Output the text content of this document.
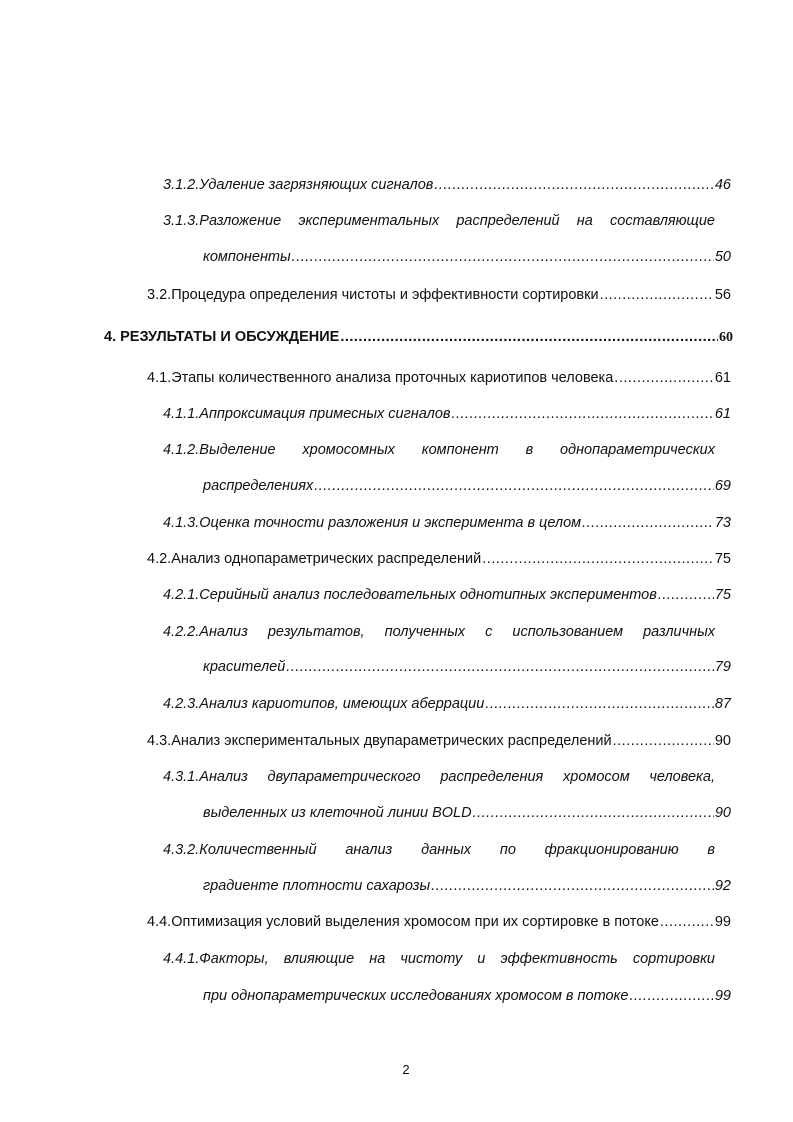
3.1.2.Удаление загрязняющих сигналов .....	46
3.1.3.Разложение экспериментальных распределений на составляющие
компоненты .....	50
3.2.Процедура определения чистоты и эффективности сортировки .....	56
4. РЕЗУЛЬТАТЫ И ОБСУЖДЕНИЕ .....	60
4.1.Этапы количественного анализа проточных кариотипов человека .....	61
4.1.1.Аппроксимация примесных сигналов .....	61
4.1.2.Выделение хромосомных компонент в однопараметрических
распределениях .....	69
4.1.3.Оценка точности разложения и эксперимента в целом .....	73
4.2.Анализ однопараметрических распределений .....	75
4.2.1.Серийный анализ последовательных однотипных экспериментов .....	75
4.2.2.Анализ результатов, полученных с использованием различных
красителей .....	79
4.2.3.Анализ кариотипов, имеющих аберрации .....	87
4.3.Анализ экспериментальных двупараметрических распределений .....	90
4.3.1.Анализ двупараметрического распределения хромосом человека,
выделенных из клеточной линии BOLD .....	90
4.3.2.Количественный анализ данных по фракционированию в
градиенте плотности сахарозы .....	92
4.4.Оптимизация условий выделения хромосом при их сортировке в потоке .....	99
4.4.1.Факторы, влияющие на чистоту и эффективность сортировки
при однопараметрических исследованиях хромосом в потоке .....	99
2
